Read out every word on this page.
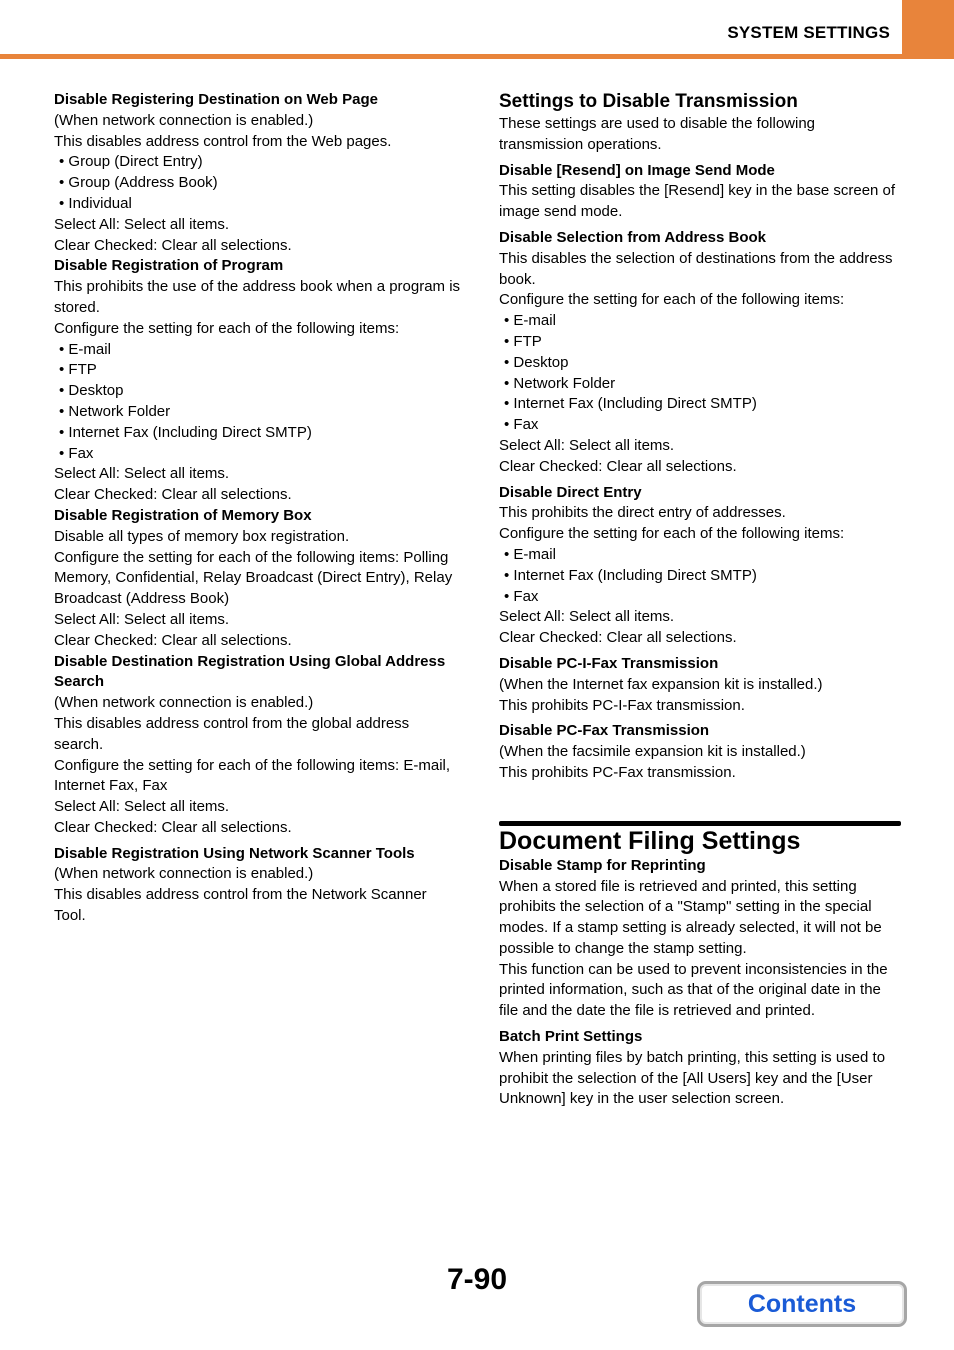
SYSTEM SETTINGS

Disable Registering Destination on Web Page

(When network connection is enabled.)

This disables address control from the Web pages.

• Group (Direct Entry)
• Group (Address Book)
• Individual

Select All: Select all items.

Clear Checked: Clear all selections.

Disable Registration of Program

This prohibits the use of the address book when a program is stored.

Configure the setting for each of the following items:

• E-mail
• FTP
• Desktop
• Network Folder
• Internet Fax (Including Direct SMTP)
• Fax

Select All: Select all items.

Clear Checked: Clear all selections.

Disable Registration of Memory Box

Disable all types of memory box registration.

Configure the setting for each of the following items: Polling Memory, Confidential, Relay Broadcast (Direct Entry), Relay Broadcast (Address Book)

Select All: Select all items.

Clear Checked: Clear all selections.

Disable Destination Registration Using Global Address Search

(When network connection is enabled.)

This disables address control from the global address search.

Configure the setting for each of the following items: E-mail, Internet Fax, Fax

Select All: Select all items.

Clear Checked: Clear all selections.

Disable Registration Using Network Scanner Tools

(When network connection is enabled.)

This disables address control from the Network Scanner Tool.

Settings to Disable Transmission

These settings are used to disable the following transmission operations.

Disable [Resend] on Image Send Mode

This setting disables the [Resend] key in the base screen of image send mode.

Disable Selection from Address Book

This disables the selection of destinations from the address book.

Configure the setting for each of the following items:

• E-mail
• FTP
• Desktop
• Network Folder
• Internet Fax (Including Direct SMTP)
• Fax

Select All: Select all items.

Clear Checked: Clear all selections.

Disable Direct Entry

This prohibits the direct entry of addresses.

Configure the setting for each of the following items:

• E-mail
• Internet Fax (Including Direct SMTP)
• Fax

Select All: Select all items.

Clear Checked: Clear all selections.

Disable PC-I-Fax Transmission

(When the Internet fax expansion kit is installed.)

This prohibits PC-I-Fax transmission.

Disable PC-Fax Transmission

(When the facsimile expansion kit is installed.)

This prohibits PC-Fax transmission.

Document Filing Settings

Disable Stamp for Reprinting

When a stored file is retrieved and printed, this setting prohibits the selection of a "Stamp" setting in the special modes. If a stamp setting is already selected, it will not be possible to change the stamp setting.

This function can be used to prevent inconsistencies in the printed information, such as that of the original date in the file and the date the file is retrieved and printed.

Batch Print Settings

When printing files by batch printing, this setting is used to prohibit the selection of the [All Users] key and the [User Unknown] key in the user selection screen.

7-90
Contents
